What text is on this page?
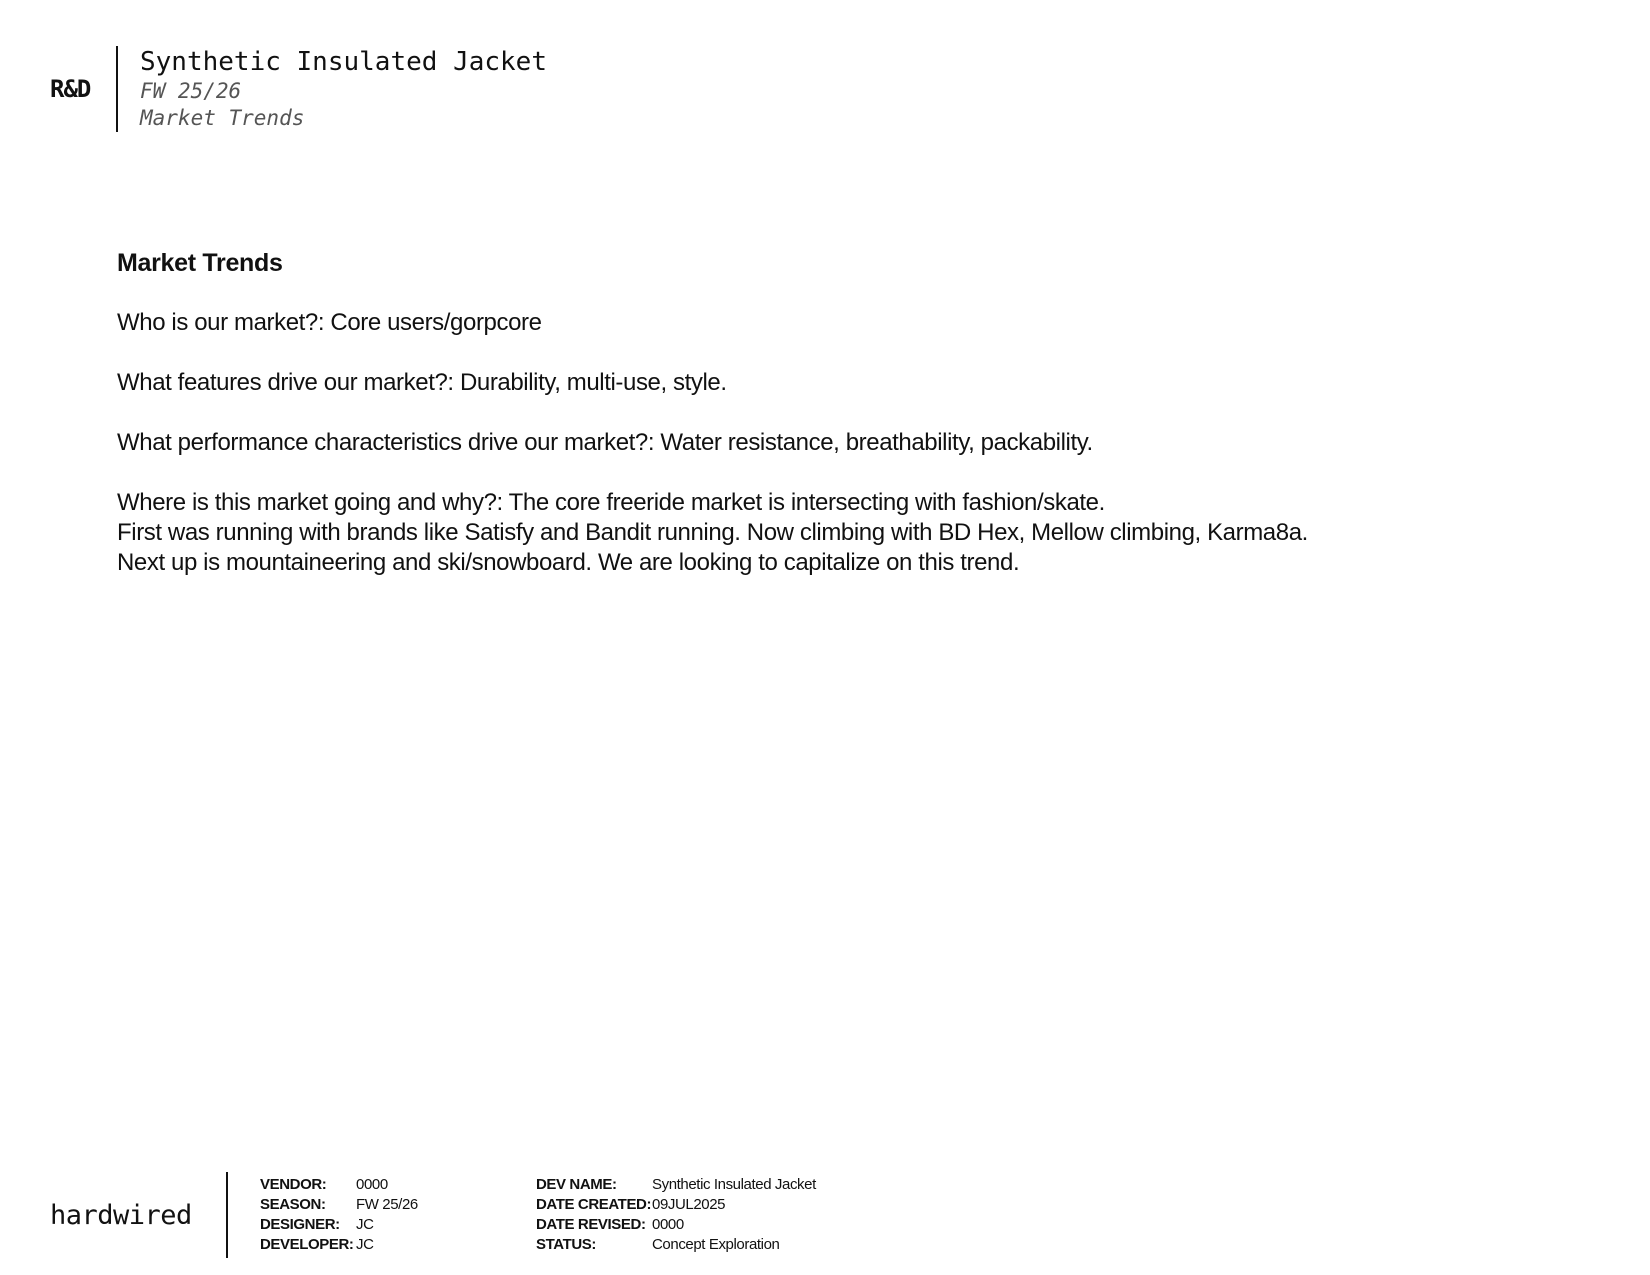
R&D
Synthetic Insulated Jacket
FW 25/26
Market Trends
Market Trends
Who is our market?: Core users/gorpcore
What features drive our market?: Durability, multi-use, style.
What performance characteristics drive our market?: Water resistance, breathability, packability.
Where is this market going and why?: The core freeride market is intersecting with fashion/skate.
First was running with brands like Satisfy and Bandit running. Now climbing with BD Hex, Mellow climbing, Karma8a.
Next up is mountaineering and ski/snowboard. We are looking to capitalize on this trend.
hardwired
VENDOR:	0000
SEASON:	FW 25/26
DESIGNER:	JC
DEVELOPER: JC
DEV NAME:	Synthetic Insulated Jacket
DATE CREATED: 09JUL2025
DATE REVISED: 0000
STATUS:	Concept Exploration
